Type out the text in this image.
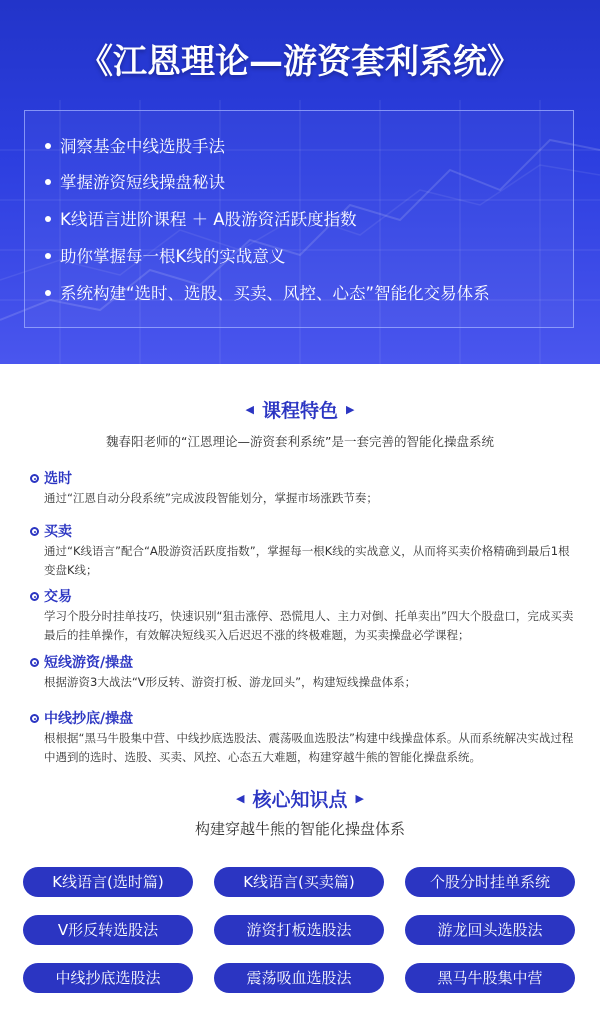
《江恩理论—游资套利系统》
洞察基金中线选股手法
掌握游资短线操盘秘诀
K线语言进阶课程 ＋ A股游资活跃度指数
助你掌握每一根K线的实战意义
系统构建“选时、选股、买卖、风控、心态”智能化交易体系
◀ 课程特色 ▶
魏春阳老师的“江恩理论—游资套利系统”是一套完善的智能化操盘系统
选时
通过“江恩自动分段系统”完成波段智能划分，掌握市场涨跌节奏；
买卖
通过“K线语言”配合“A股游资活跃度指数”，掌握每一根K线的实战意义，从而将买卖价格精确到最后1根变盘K线；
交易
学习个股分时挂单技巧，快速识别“狙击涨停、恐慌甩人、主力对倒、托单卖出”四大个股盘口，完成买卖最后的挂单操作，有效解决短线买入后迟迟不涨的终极难题，为买卖操盘必学课程；
短线游资/操盘
根据游资3大战法“V形反转、游资打板、游龙回头”，构建短线操盘体系；
中线抄底/操盘
根根据“黑马牛股集中营、中线抄底选股法、震荡吸血选股法”构建中线操盘体系。从而系统解决实战过程中遇到的选时、选股、买卖、风控、心态五大难题，构建穿越牛熊的智能化操盘系统。
◀ 核心知识点 ▶
构建穿越牛熊的智能化操盘体系
K线语言(选时篇)	K线语言(买卖篇)	个股分时挂单系统
V形反转选股法	游资打板选股法	游龙回头选股法
中线抄底选股法	震荡吸血选股法	黑马牛股集中营
